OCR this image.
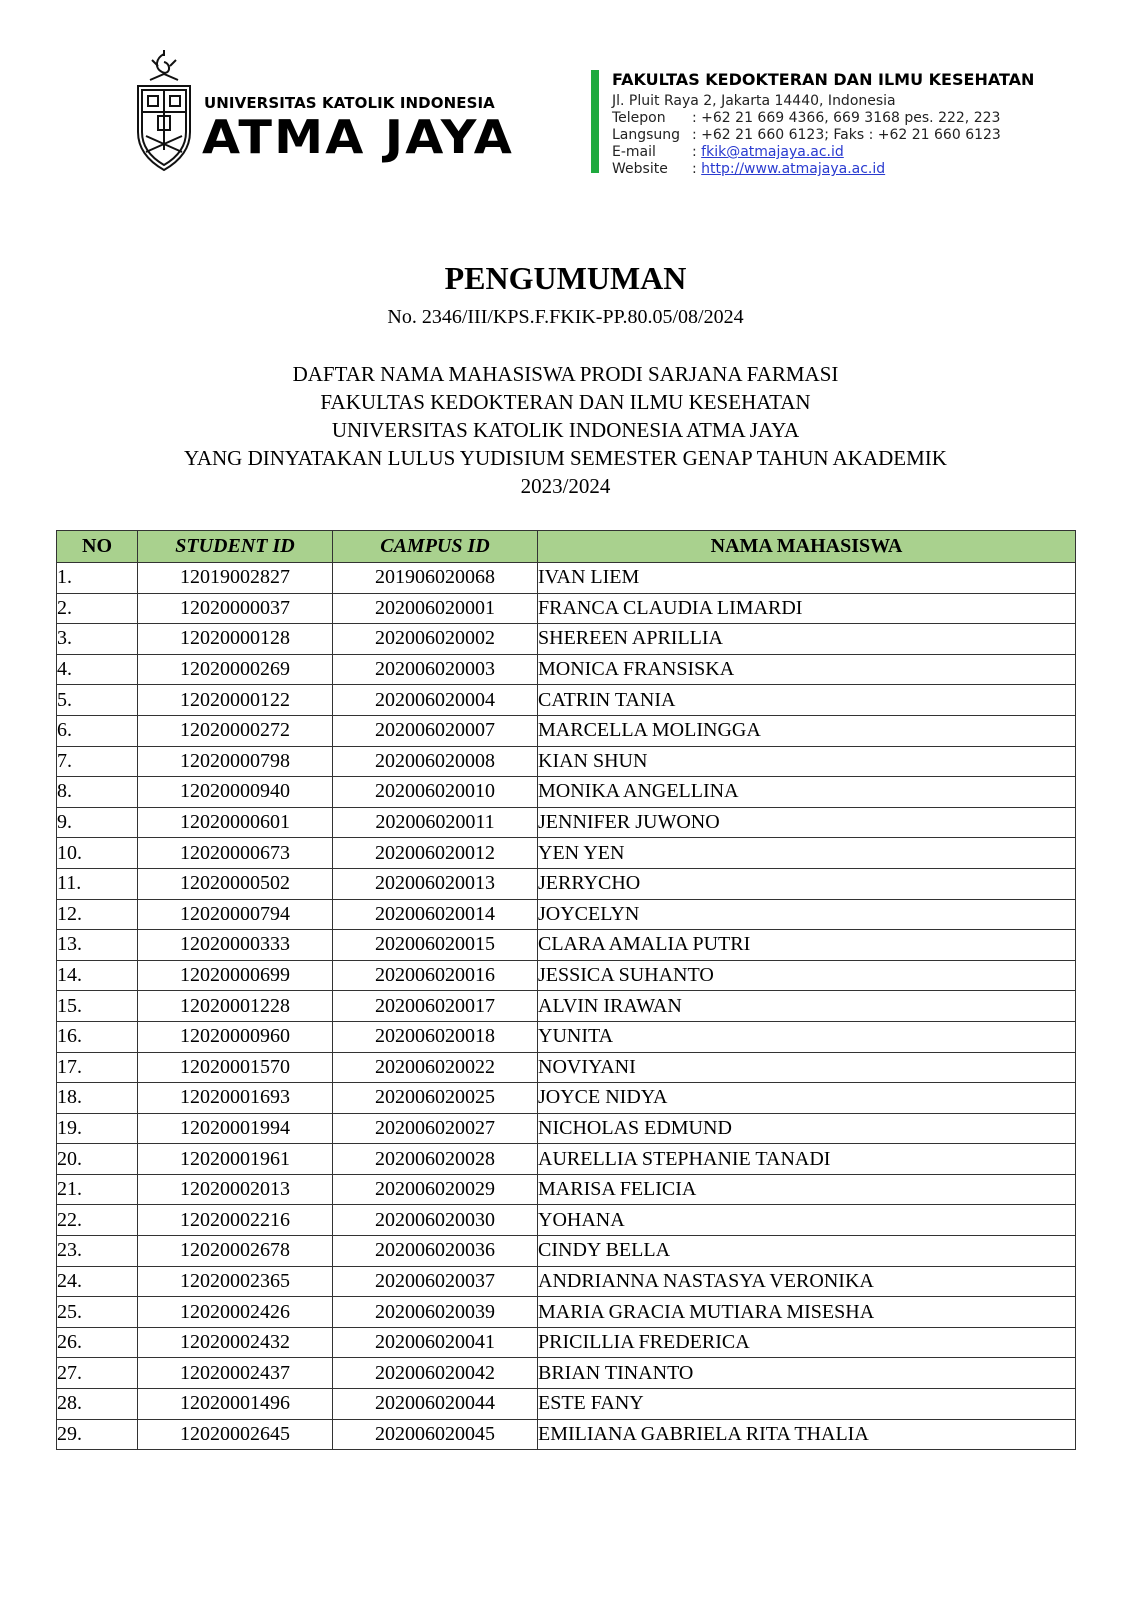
UNIVERSITAS KATOLIK INDONESIA
ATMA JAYA
FAKULTAS KEDOKTERAN DAN ILMU KESEHATAN
Jl. Pluit Raya 2, Jakarta 14440, Indonesia
Telepon	: +62 21 669 4366, 669 3168 pes. 222, 223
Langsung : +62 21 660 6123; Faks : +62 21 660 6123
E-mail	: fkik@atmajaya.ac.id
Website	: http://www.atmajaya.ac.id
PENGUMUMAN
No. 2346/III/KPS.F.FKIK-PP.80.05/08/2024
DAFTAR NAMA MAHASISWA PRODI SARJANA FARMASI
FAKULTAS KEDOKTERAN DAN ILMU KESEHATAN
UNIVERSITAS KATOLIK INDONESIA ATMA JAYA
YANG DINYATAKAN LULUS YUDISIUM SEMESTER GENAP TAHUN AKADEMIK
2023/2024
NO	STUDENT ID	CAMPUS ID	NAMA MAHASISWA
1.	12019002827	201906020068	IVAN LIEM
2.	12020000037	202006020001	FRANCA CLAUDIA LIMARDI
3.	12020000128	202006020002	SHEREEN APRILLIA
4.	12020000269	202006020003	MONICA FRANSISKA
5.	12020000122	202006020004	CATRIN TANIA
6.	12020000272	202006020007	MARCELLA MOLINGGA
7.	12020000798	202006020008	KIAN SHUN
8.	12020000940	202006020010	MONIKA ANGELLINA
9.	12020000601	202006020011	JENNIFER JUWONO
10.	12020000673	202006020012	YEN YEN
11.	12020000502	202006020013	JERRYCHO
12.	12020000794	202006020014	JOYCELYN
13.	12020000333	202006020015	CLARA AMALIA PUTRI
14.	12020000699	202006020016	JESSICA SUHANTO
15.	12020001228	202006020017	ALVIN IRAWAN
16.	12020000960	202006020018	YUNITA
17.	12020001570	202006020022	NOVIYANI
18.	12020001693	202006020025	JOYCE NIDYA
19.	12020001994	202006020027	NICHOLAS EDMUND
20.	12020001961	202006020028	AURELLIA STEPHANIE TANADI
21.	12020002013	202006020029	MARISA FELICIA
22.	12020002216	202006020030	YOHANA
23.	12020002678	202006020036	CINDY BELLA
24.	12020002365	202006020037	ANDRIANNA NASTASYA VERONIKA
25.	12020002426	202006020039	MARIA GRACIA MUTIARA MISESHA
26.	12020002432	202006020041	PRICILLIA FREDERICA
27.	12020002437	202006020042	BRIAN TINANTO
28.	12020001496	202006020044	ESTE FANY
29.	12020002645	202006020045	EMILIANA GABRIELA RITA THALIA
